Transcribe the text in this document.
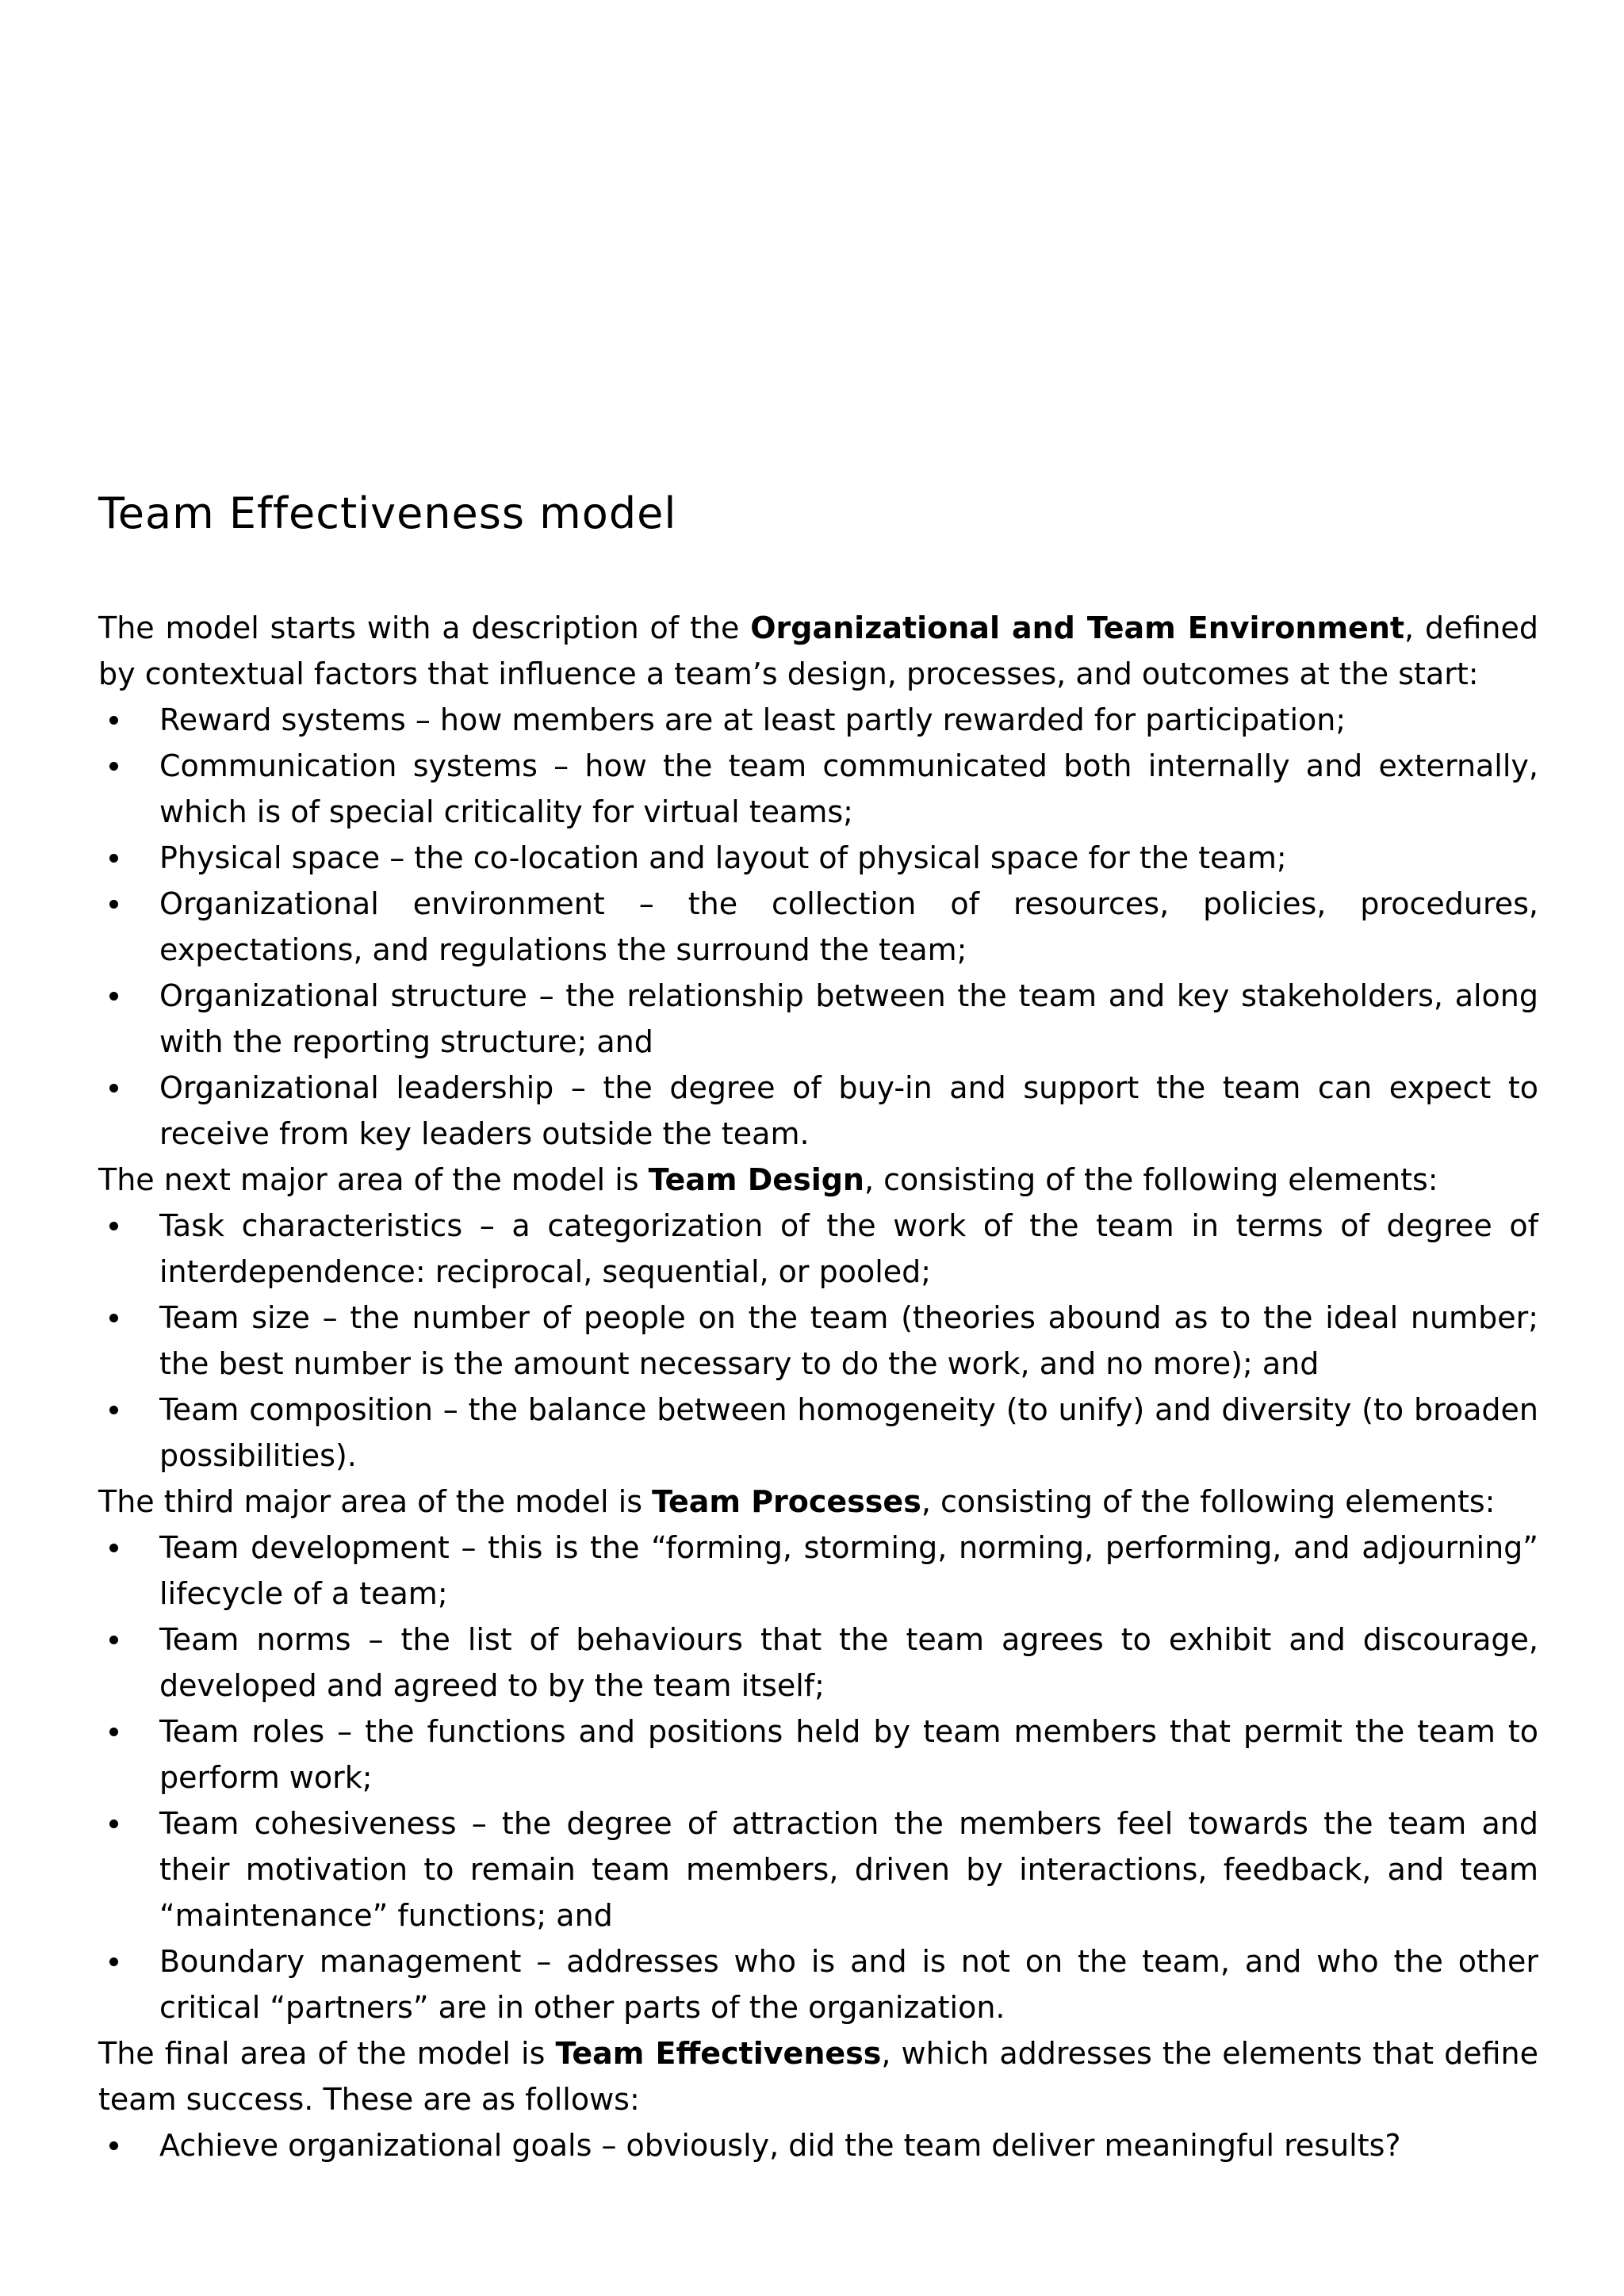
Team Effectiveness model

The model starts with a description of the Organizational and Team Environment, defined by contextual factors that influence a team’s design, processes, and outcomes at the start:

Reward systems – how members are at least partly rewarded for participation;
Communication systems – how the team communicated both internally and externally, which is of special criticality for virtual teams;
Physical space – the co-location and layout of physical space for the team;
Organizational environment – the collection of resources, policies, procedures, expectations, and regulations the surround the team;
Organizational structure – the relationship between the team and key stakeholders, along with the reporting structure; and
Organizational leadership – the degree of buy-in and support the team can expect to receive from key leaders outside the team.

The next major area of the model is Team Design, consisting of the following elements:

Task characteristics – a categorization of the work of the team in terms of degree of interdependence: reciprocal, sequential, or pooled;
Team size – the number of people on the team (theories abound as to the ideal number; the best number is the amount necessary to do the work, and no more); and
Team composition – the balance between homogeneity (to unify) and diversity (to broaden possibilities).

The third major area of the model is Team Processes, consisting of the following elements:

Team development – this is the “forming, storming, norming, performing, and adjourning” lifecycle of a team;
Team norms – the list of behaviours that the team agrees to exhibit and discourage, developed and agreed to by the team itself;
Team roles – the functions and positions held by team members that permit the team to perform work;
Team cohesiveness – the degree of attraction the members feel towards the team and their motivation to remain team members, driven by interactions, feedback, and team “maintenance” functions; and
Boundary management – addresses who is and is not on the team, and who the other critical “partners” are in other parts of the organization.

The final area of the model is Team Effectiveness, which addresses the elements that define team success. These are as follows:

Achieve organizational goals – obviously, did the team deliver meaningful results?
